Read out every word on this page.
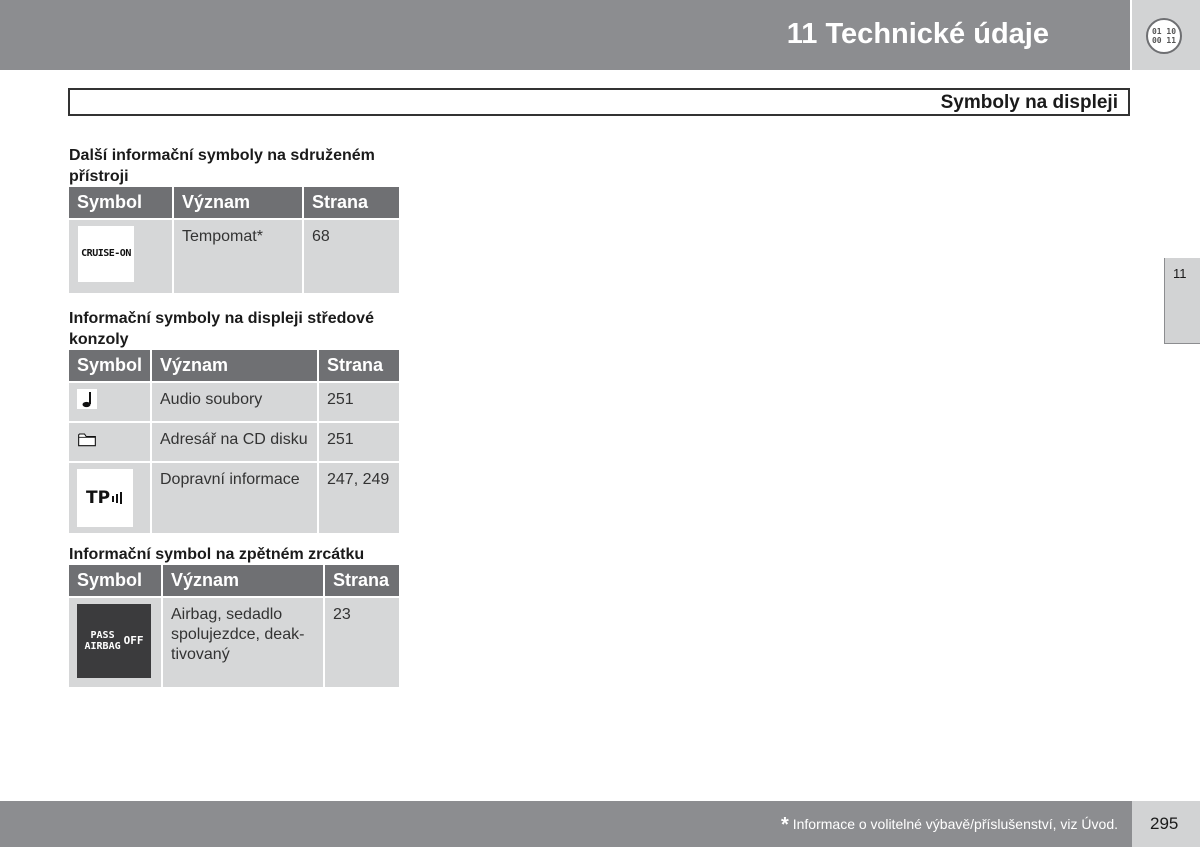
11 Technické údaje	01 10
00 11
Symboly na displeji
11
Další informační symboly na sdruženém přístroji
Symbol	Význam	Strana

CRUISE-ON	Tempomat*	68
Informační symboly na displeji středové konzoly
Symbol	Význam	Strana
	Audio soubory	251
	Adresář na CD disku	251

TP	Dopravní informace	247, 249
Informační symbol na zpětném zrcátku
Symbol	Význam	Strana

PASS
AIRBAG OFF	Airbag, sedadlo spolujezdce, deak-tivovaný	23
* Informace o volitelné výbavě/příslušenství, viz Úvod. 295
